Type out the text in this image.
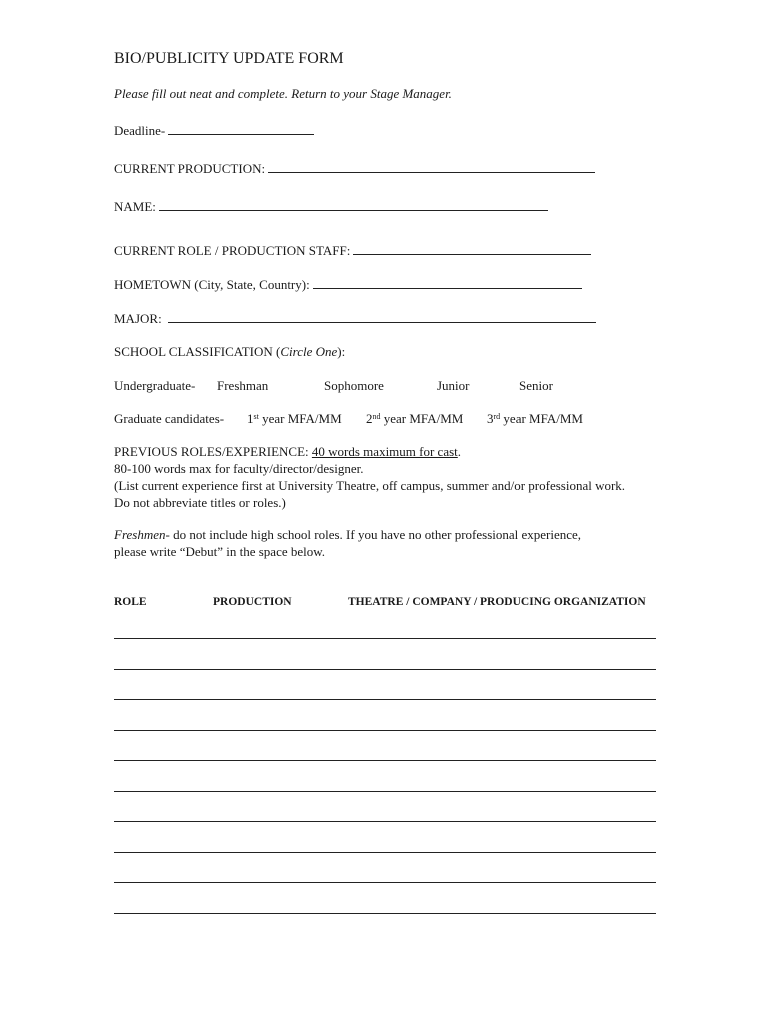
BIO/PUBLICITY UPDATE FORM
Please fill out neat and complete. Return to your Stage Manager.
Deadline-
CURRENT PRODUCTION:
NAME:
CURRENT ROLE / PRODUCTION STAFF:
HOMETOWN (City, State, Country):
MAJOR:
SCHOOL CLASSIFICATION (Circle One):
Undergraduate- Freshman	Sophomore	Junior	Senior
Graduate candidates- 1st year MFA/MM 2nd year MFA/MM 3rd year MFA/MM
PREVIOUS ROLES/EXPERIENCE: 40 words maximum for cast.
80-100 words max for faculty/director/designer.
(List current experience first at University Theatre, off campus, summer and/or professional work.
Do not abbreviate titles or roles.)
Freshmen- do not include high school roles. If you have no other professional experience,
please write “Debut” in the space below.
ROLE	PRODUCTION	THEATRE / COMPANY / PRODUCING ORGANIZATION
